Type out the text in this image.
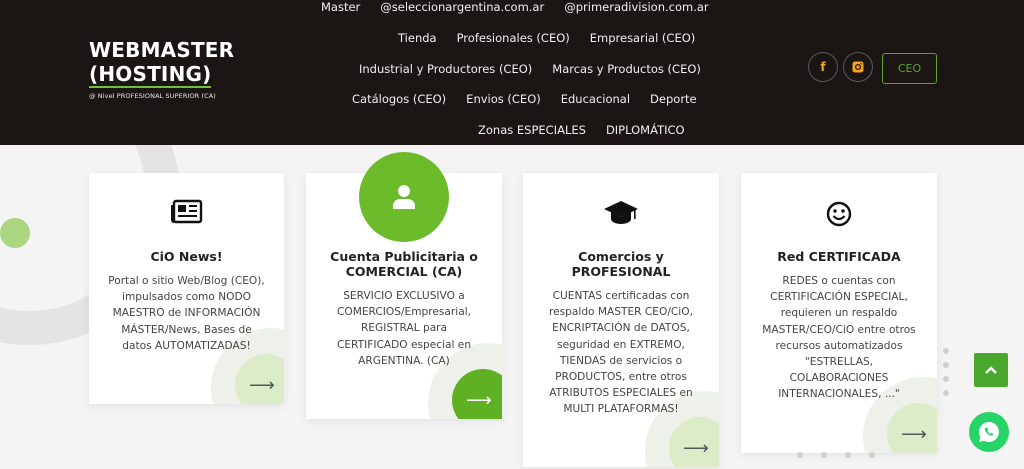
WEBMASTER
(HOSTING)
@ Nivel PROFESIONAL SUPERIOR (CA)
Master @seleccionargentina.com.ar @primeradivision.com.ar
Tienda Profesionales (CEO) Empresarial (CEO)
Industrial y Productores (CEO) Marcas y Productos (CEO)
Catálogos (CEO) Envios (CEO) Educacional Deporte
Zonas ESPECIALES DIPLOMÁTICO
f	CEO
⟶
CiO News!
Portal o sitio Web/Blog (CEO),
impulsados como NODO
MAESTRO de INFORMACIÓN
MÁSTER/News, Bases de
datos AUTOMATIZADAS!
⟶
Cuenta Publicitaria o
COMERCIAL (CA)
SERVICIO EXCLUSIVO a
COMERCIOS/Empresarial,
REGISTRAL para
CERTIFICADO especial en
ARGENTINA. (CA)
⟶
Comercios y
PROFESIONAL
CUENTAS certificadas con
respaldo MASTER CEO/CiO,
ENCRIPTACIÓN de DATOS,
seguridad en EXTREMO,
TIENDAS de servicios o
PRODUCTOS, entre otros
ATRIBUTOS ESPECIALES en
MULTI PLATAFORMAS!
⟶
Red CERTIFICADA
REDES o cuentas con
CERTIFICACIÓN ESPECIAL,
requieren un respaldo
MASTER/CEO/CiO entre otros
recursos automatizados
"ESTRELLAS,
COLABORACIONES
INTERNACIONALES, ..."
